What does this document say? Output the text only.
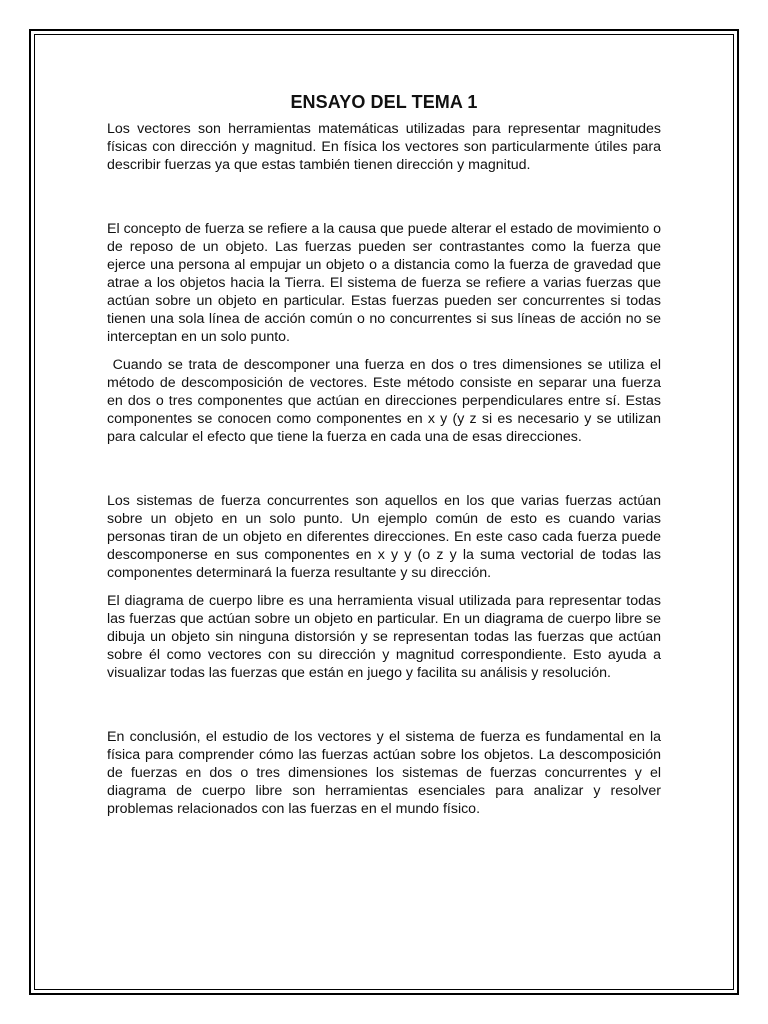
ENSAYO DEL TEMA 1

Los vectores son herramientas matemáticas utilizadas para representar magnitudes físicas con dirección y magnitud. En física los vectores son particularmente útiles para describir fuerzas ya que estas también tienen dirección y magnitud.

El concepto de fuerza se refiere a la causa que puede alterar el estado de movimiento o de reposo de un objeto. Las fuerzas pueden ser contrastantes como la fuerza que ejerce una persona al empujar un objeto o a distancia como la fuerza de gravedad que atrae a los objetos hacia la Tierra. El sistema de fuerza se refiere a varias fuerzas que actúan sobre un objeto en particular. Estas fuerzas pueden ser concurrentes si todas tienen una sola línea de acción común o no concurrentes si sus líneas de acción no se interceptan en un solo punto.

Cuando se trata de descomponer una fuerza en dos o tres dimensiones se utiliza el método de descomposición de vectores. Este método consiste en separar una fuerza en dos o tres componentes que actúan en direcciones perpendiculares entre sí. Estas componentes se conocen como componentes en x y (y z si es necesario y se utilizan para calcular el efecto que tiene la fuerza en cada una de esas direcciones.

Los sistemas de fuerza concurrentes son aquellos en los que varias fuerzas actúan sobre un objeto en un solo punto. Un ejemplo común de esto es cuando varias personas tiran de un objeto en diferentes direcciones. En este caso cada fuerza puede descomponerse en sus componentes en x y y (o z y la suma vectorial de todas las componentes determinará la fuerza resultante y su dirección.

El diagrama de cuerpo libre es una herramienta visual utilizada para representar todas las fuerzas que actúan sobre un objeto en particular. En un diagrama de cuerpo libre se dibuja un objeto sin ninguna distorsión y se representan todas las fuerzas que actúan sobre él como vectores con su dirección y magnitud correspondiente. Esto ayuda a visualizar todas las fuerzas que están en juego y facilita su análisis y resolución.

En conclusión, el estudio de los vectores y el sistema de fuerza es fundamental en la física para comprender cómo las fuerzas actúan sobre los objetos. La descomposición de fuerzas en dos o tres dimensiones los sistemas de fuerzas concurrentes y el diagrama de cuerpo libre son herramientas esenciales para analizar y resolver problemas relacionados con las fuerzas en el mundo físico.
